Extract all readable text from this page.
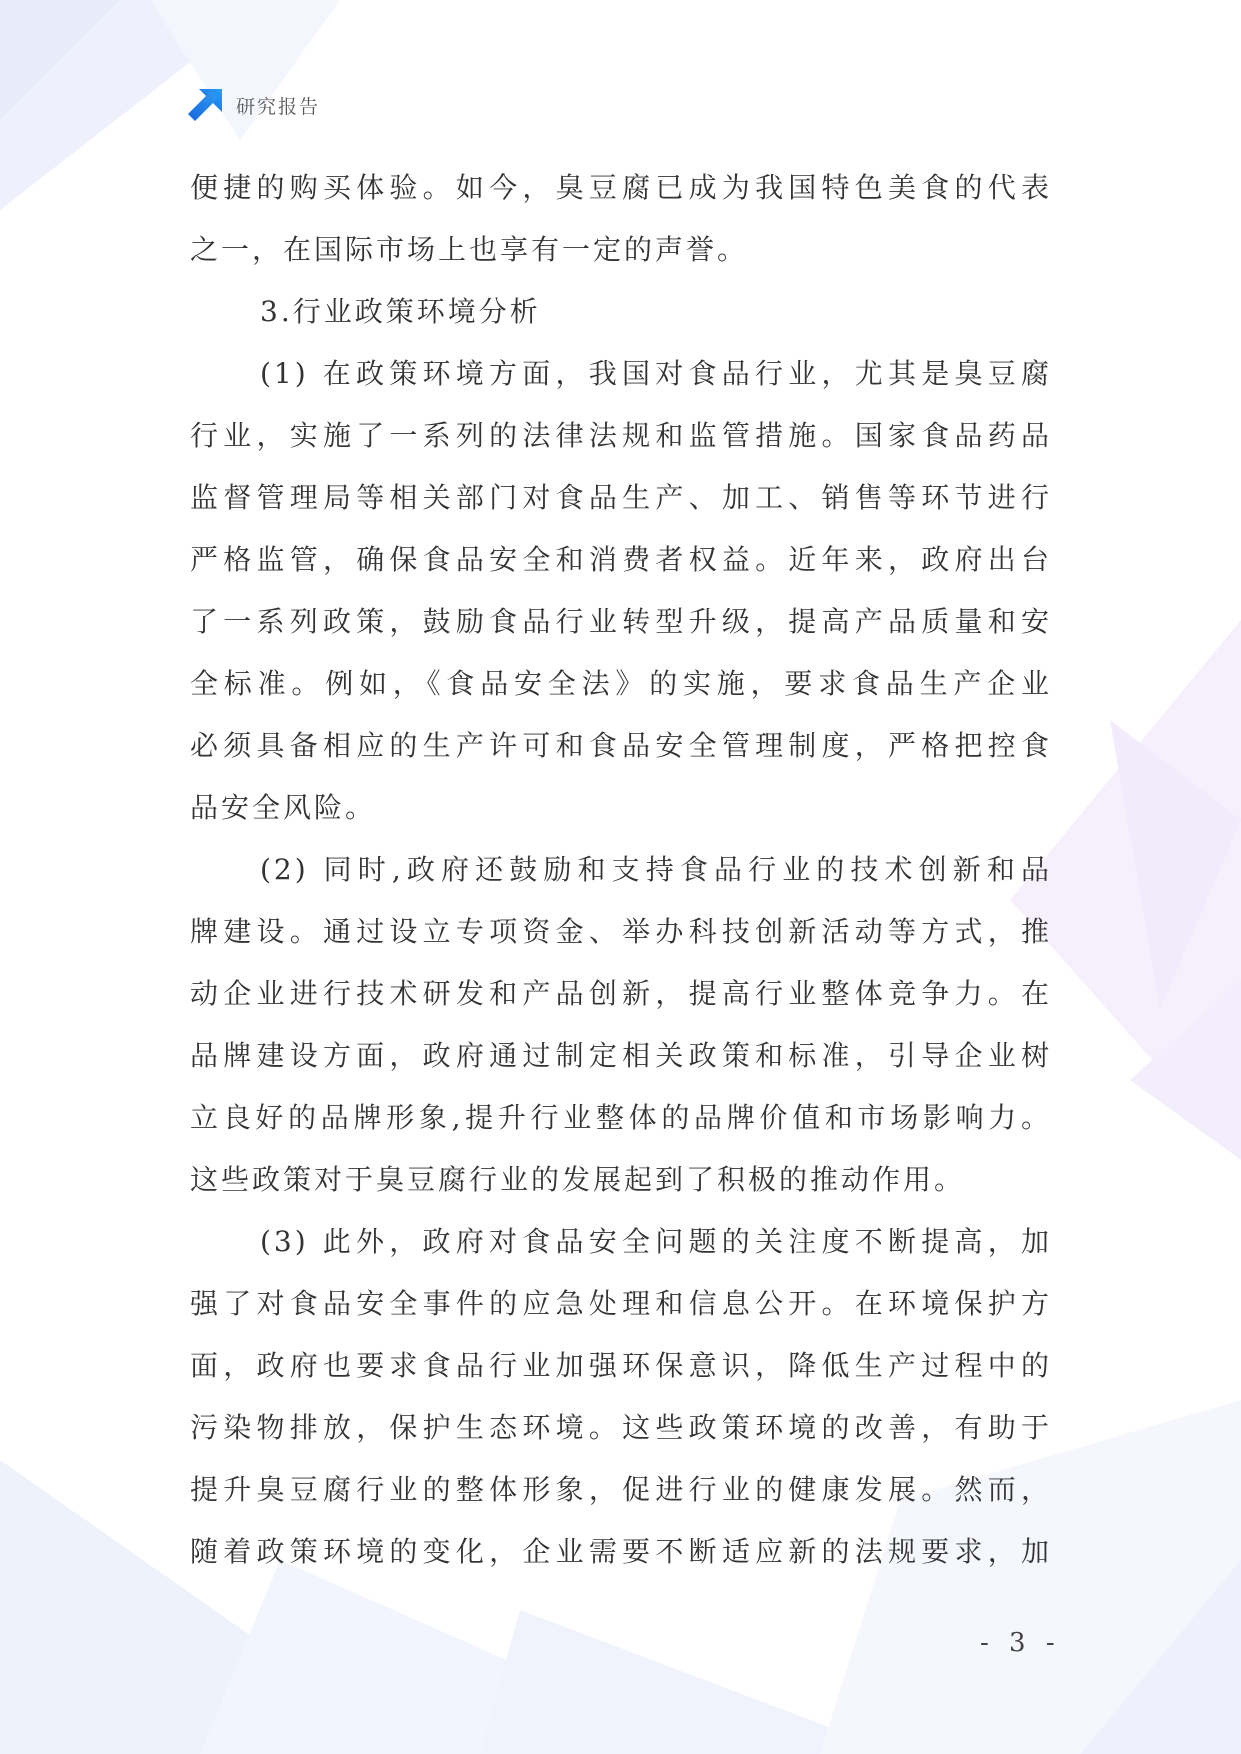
研究报告
便捷的购买体验。如今，臭豆腐已成为我国特色美食的代表
之一，在国际市场上也享有一定的声誉。
3.行业政策环境分析
(1) 在政策环境方面，我国对食品行业，尤其是臭豆腐
行业，实施了一系列的法律法规和监管措施。国家食品药品
监督管理局等相关部门对食品生产、加工、销售等环节进行
严格监管，确保食品安全和消费者权益。近年来，政府出台
了一系列政策，鼓励食品行业转型升级，提高产品质量和安
全标准。例如，《食品安全法》的实施，要求食品生产企业
必须具备相应的生产许可和食品安全管理制度，严格把控食
品安全风险。
(2) 同时,政府还鼓励和支持食品行业的技术创新和品
牌建设。通过设立专项资金、举办科技创新活动等方式，推
动企业进行技术研发和产品创新，提高行业整体竞争力。在
品牌建设方面，政府通过制定相关政策和标准，引导企业树
立良好的品牌形象,提升行业整体的品牌价值和市场影响力。
这些政策对于臭豆腐行业的发展起到了积极的推动作用。
(3) 此外，政府对食品安全问题的关注度不断提高，加
强了对食品安全事件的应急处理和信息公开。在环境保护方
面，政府也要求食品行业加强环保意识，降低生产过程中的
污染物排放，保护生态环境。这些政策环境的改善，有助于
提升臭豆腐行业的整体形象，促进行业的健康发展。然而，
随着政策环境的变化，企业需要不断适应新的法规要求，加
- 3 -
